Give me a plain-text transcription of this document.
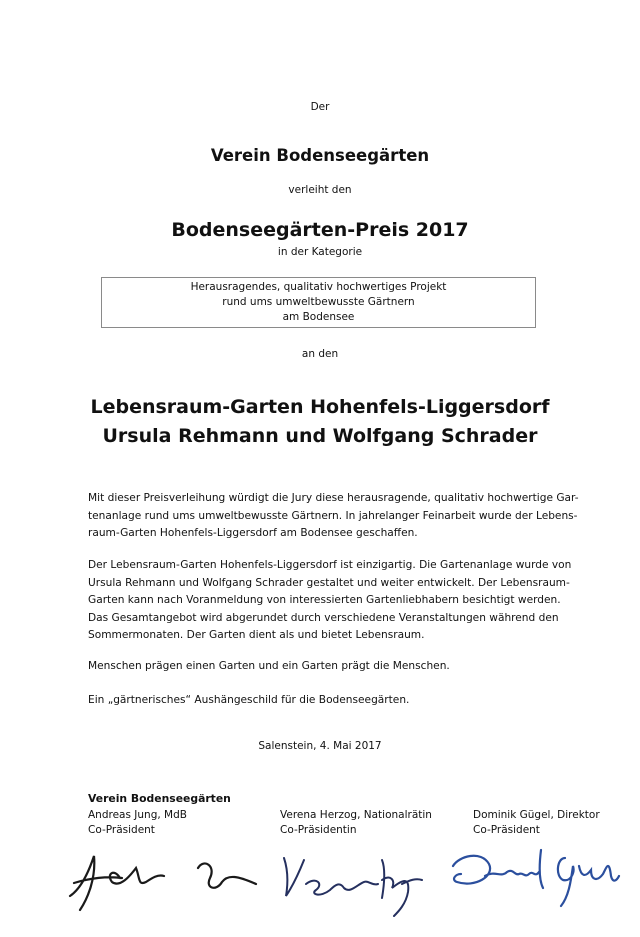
Der
Verein Bodenseegärten
verleiht den
Bodenseegärten-Preis 2017
in der Kategorie
Herausragendes, qualitativ hochwertiges Projekt
rund ums umweltbewusste Gärtnern
am Bodensee
an den
Lebensraum-Garten Hohenfels-Liggersdorf
Ursula Rehmann und Wolfgang Schrader
Mit dieser Preisverleihung würdigt die Jury diese herausragende, qualitativ hochwertige Gar-
tenanlage rund ums umweltbewusste Gärtnern. In jahrelanger Feinarbeit wurde der Lebens-
raum-Garten Hohenfels-Liggersdorf am Bodensee geschaffen.
Der Lebensraum-Garten Hohenfels-Liggersdorf ist einzigartig. Die Gartenanlage wurde von
Ursula Rehmann und Wolfgang Schrader gestaltet und weiter entwickelt. Der Lebensraum-
Garten kann nach Voranmeldung von interessierten Gartenliebhabern besichtigt werden.
Das Gesamtangebot wird abgerundet durch verschiedene Veranstaltungen während den
Sommermonaten. Der Garten dient als und bietet Lebensraum.
Menschen prägen einen Garten und ein Garten prägt die Menschen.
Ein „gärtnerisches“ Aushängeschild für die Bodenseegärten.
Salenstein, 4. Mai 2017
Verein Bodenseegärten
Andreas Jung, MdB
Co-Präsident
Verena Herzog, Nationalrätin
Co-Präsidentin
Dominik Gügel, Direktor
Co-Präsident
